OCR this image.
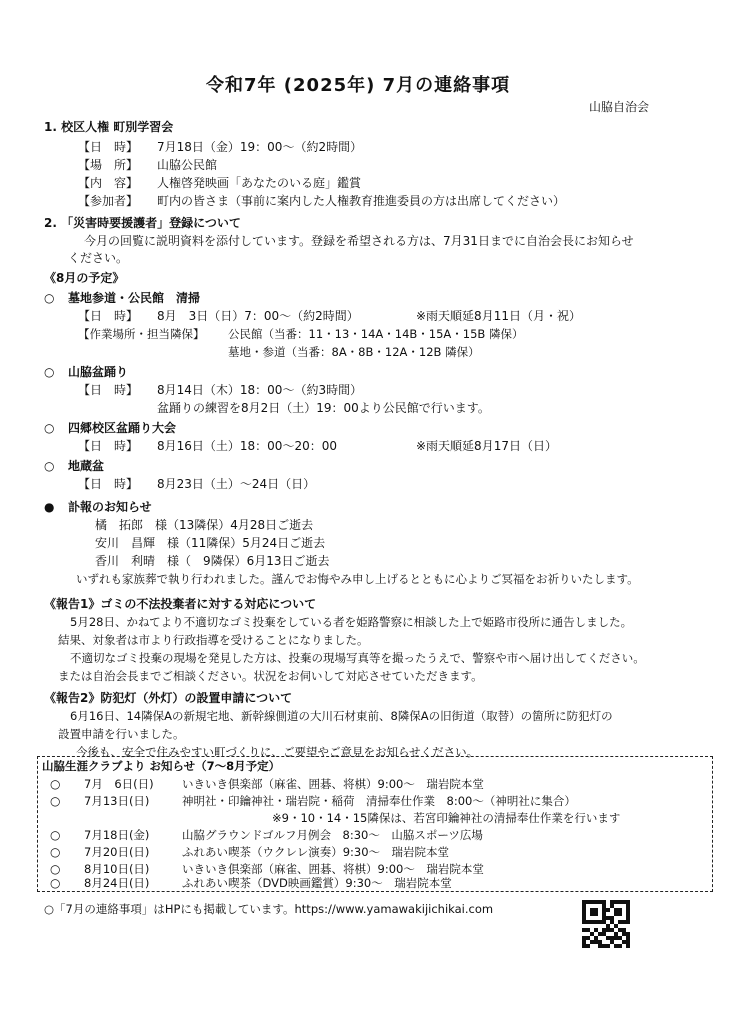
令和7年 (2025年) 7月の連絡事項
山脇自治会
1. 校区人権 町別学習会
【日　時】 7月18日（金）19：00～（約2時間）
【場　所】 山脇公民館
【内　容】 人権啓発映画「あなたのいる庭」鑑賞
【参加者】 町内の皆さま（事前に案内した人権教育推進委員の方は出席してください）
2. 「災害時要援護者」登録について
今月の回覧に説明資料を添付しています。登録を希望される方は、7月31日までに自治会長にお知らせ
ください。
《8月の予定》
○ 墓地参道・公民館　清掃
【日　時】 8月　3日（日）7：00～（約2時間）	※雨天順延8月11日（月・祝）
【作業場所・担当隣保】 公民館（当番：11・13・14A・14B・15A・15B 隣保）
墓地・参道（当番：8A・8B・12A・12B 隣保）
○ 山脇盆踊り
【日　時】 8月14日（木）18：00～（約3時間）
盆踊りの練習を8月2日（土）19：00より公民館で行います。
○ 四郷校区盆踊り大会
【日　時】 8月16日（土）18：00～20：00	※雨天順延8月17日（日）
○ 地蔵盆
【日　時】 8月23日（土）～24日（日）
● 訃報のお知らせ
橘　拓郎　様（13隣保）4月28日ご逝去
安川　昌輝　様（11隣保）5月24日ご逝去
香川　利晴　様（　9隣保）6月13日ご逝去
いずれも家族葬で執り行われました。謹んでお悔やみ申し上げるとともに心よりご冥福をお祈りいたします。
《報告1》ゴミの不法投棄者に対する対応について
5月28日、かねてより不適切なゴミ投棄をしている者を姫路警察に相談した上で姫路市役所に通告しました。
結果、対象者は市より行政指導を受けることになりました。
不適切なゴミ投棄の現場を発見した方は、投棄の現場写真等を撮ったうえで、警察や市へ届け出してください。
または自治会長までご相談ください。状況をお伺いして対応させていただきます。
《報告2》防犯灯（外灯）の設置申請について
6月16日、14隣保Aの新規宅地、新幹線側道の大川石材東前、8隣保Aの旧街道（取替）の箇所に防犯灯の
設置申請を行いました。
今後も、安全で住みやすい町づくりに、ご要望やご意見をお知らせください。
山脇生涯クラブより お知らせ（7～8月予定）
○ 7月　6日(日) いきいき倶楽部（麻雀、囲碁、将棋）9:00～　瑞岩院本堂
○ 7月13日(日)	神明社・印鑰神社・瑞岩院・稲荷　清掃奉仕作業　8:00～（神明社に集合）
※9・10・14・15隣保は、若宮印鑰神社の清掃奉仕作業を行います
○ 7月18日(金)	山脇グラウンドゴルフ月例会　8:30～　山脇スポーツ広場
○ 7月20日(日)	ふれあい喫茶（ウクレレ演奏）9:30～　瑞岩院本堂
○ 8月10日(日)	いきいき倶楽部（麻雀、囲碁、将棋）9:00～　瑞岩院本堂
○ 8月24日(日)	ふれあい喫茶（DVD映画鑑賞）9:30～　瑞岩院本堂
○「7月の連絡事項」はHPにも掲載しています。https://www.yamawakijichikai.com
